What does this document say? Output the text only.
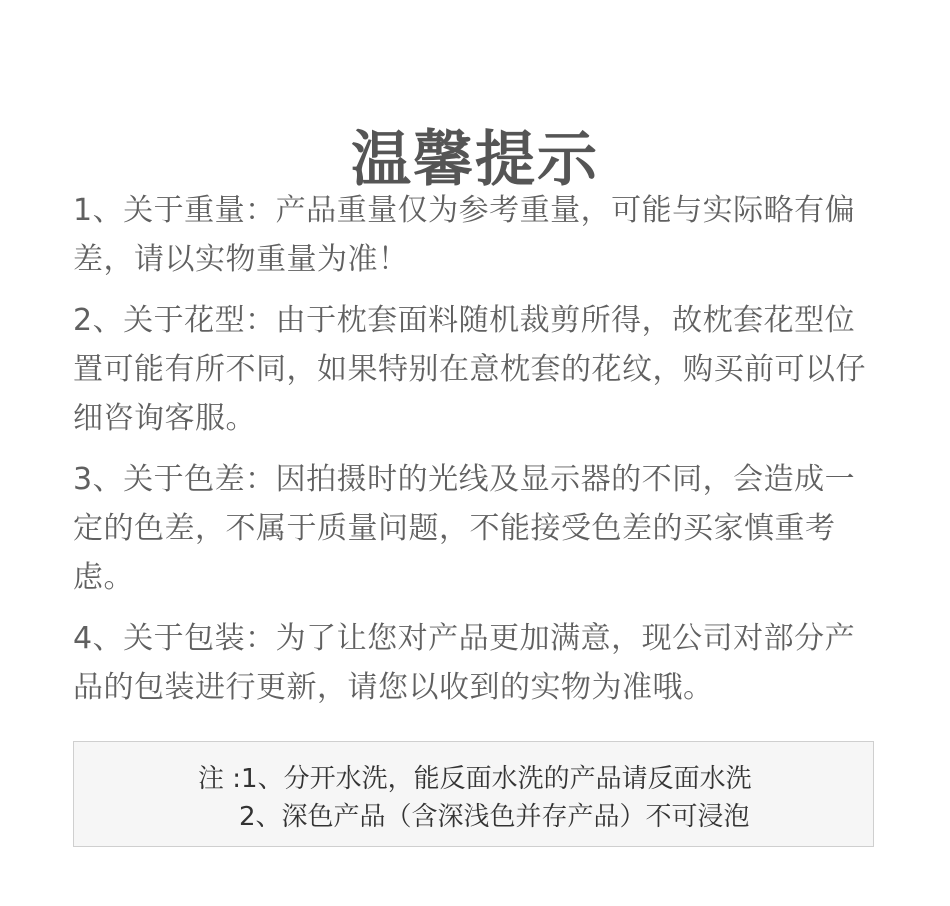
温馨提示

1、关于重量：产品重量仅为参考重量，可能与实际略有偏差，请以实物重量为准！

2、关于花型：由于枕套面料随机裁剪所得，故枕套花型位置可能有所不同，如果特别在意枕套的花纹，购买前可以仔细咨询客服。

3、关于色差：因拍摄时的光线及显示器的不同，会造成一定的色差，不属于质量问题，不能接受色差的买家慎重考虑。

4、关于包装：为了让您对产品更加满意，现公司对部分产品的包装进行更新，请您以收到的实物为准哦。

注 :1、分开水洗，能反面水洗的产品请反面水洗
2、深色产品（含深浅色并存产品）不可浸泡
